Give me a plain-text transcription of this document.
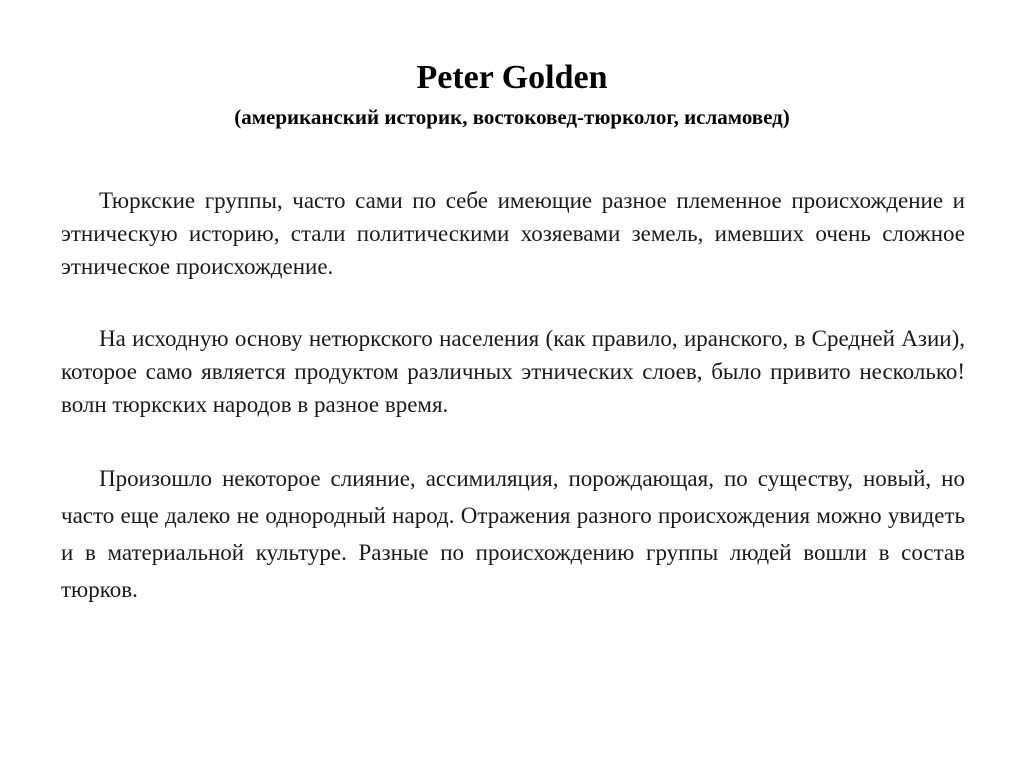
Peter Golden
(американский историк, востоковед-тюрколог, исламовед)

Тюркские группы, часто сами по себе имеющие разное племенное происхождение и этническую историю, стали политическими хозяевами земель, имевших очень сложное этническое происхождение.

На исходную основу нетюркского населения (как правило, иранского, в Средней Азии), которое само является продуктом различных этнических слоев, было привито несколько! волн тюркских народов в разное время.

Произошло некоторое слияние, ассимиляция, порождающая, по существу, новый, но часто еще далеко не однородный народ. Отражения разного происхождения можно увидеть и в материальной культуре. Разные по происхождению группы людей вошли в состав тюрков.
